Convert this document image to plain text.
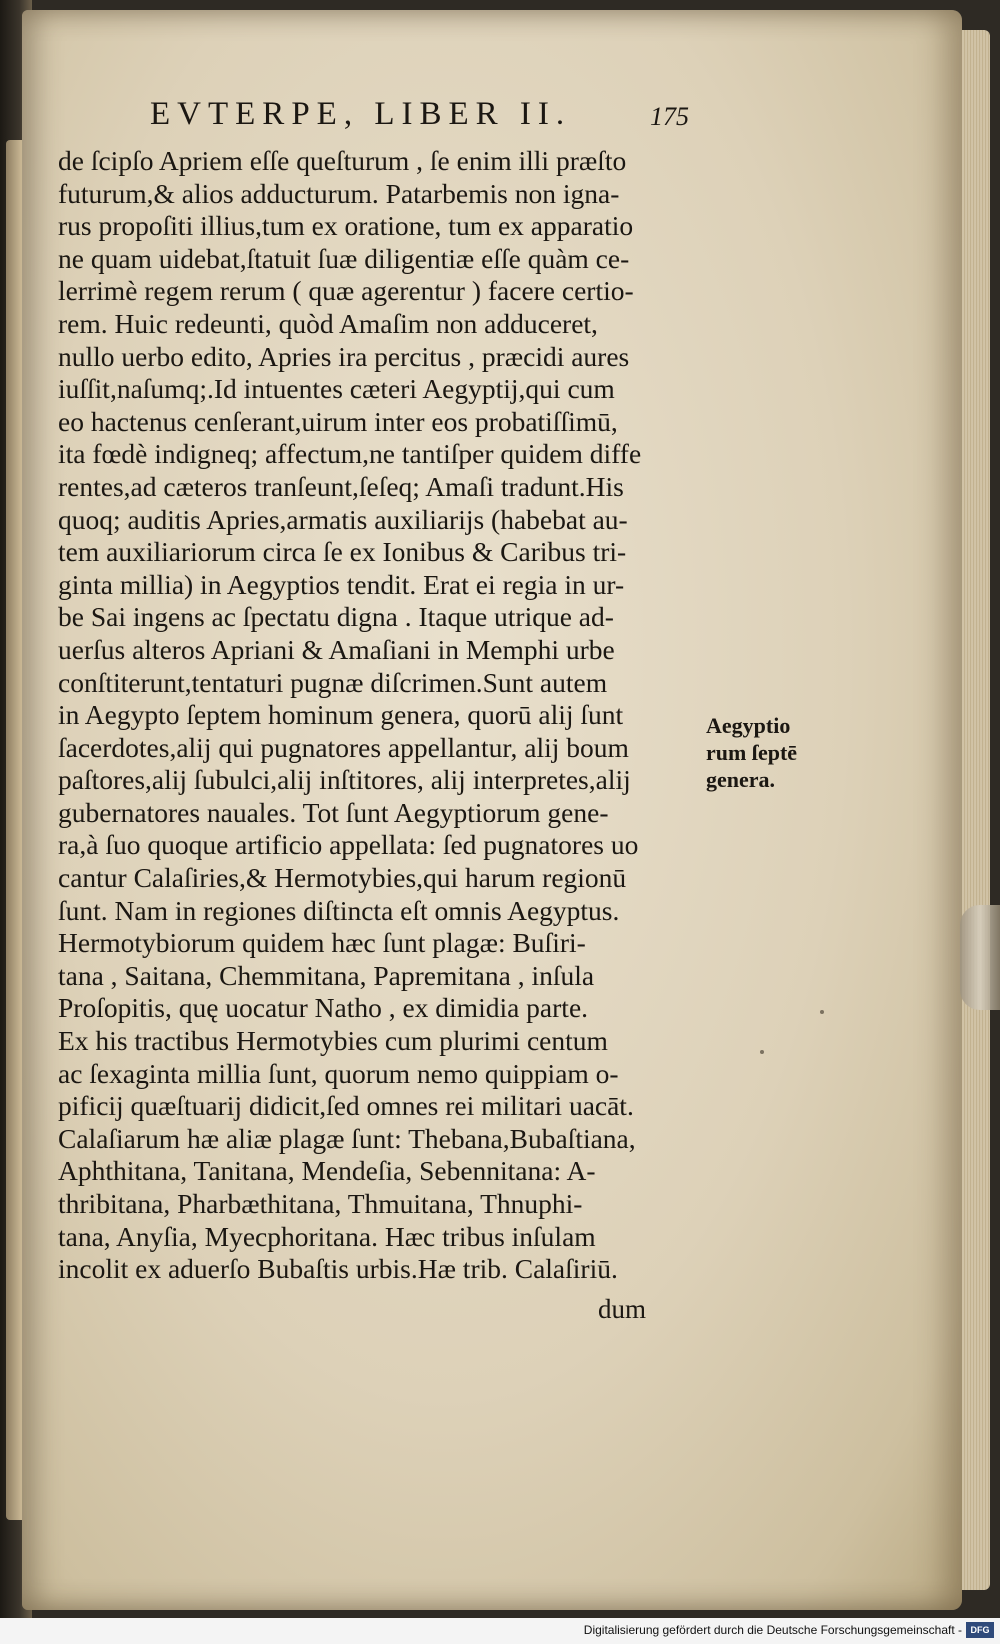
EVTERPE, LIBER II.	175
de ſcipſo Apriem eſſe queſturum , ſe enim illi præſto
futurum,& alios adducturum. Patarbemis non igna-
rus propoſiti illius,tum ex oratione, tum ex apparatio
ne quam uidebat,ſtatuit ſuæ diligentiæ eſſe quàm ce-
lerrimè regem rerum ( quæ agerentur ) facere certio-
rem. Huic redeunti, quòd Amaſim non adduceret,
nullo uerbo edito, Apries ira percitus , præcidi aures
iuſſit,naſumq;.Id intuentes cæteri Aegyptij,qui cum
eo hactenus cenſerant,uirum inter eos probatiſſimū,
ita fœdè indigneq; affectum,ne tantiſper quidem diffe
rentes,ad cæteros tranſeunt,ſeſeq; Amaſi tradunt.His
quoq; auditis Apries,armatis auxiliarijs (habebat au-
tem auxiliariorum circa ſe ex Ionibus & Caribus tri-
ginta millia) in Aegyptios tendit. Erat ei regia in ur-
be Sai ingens ac ſpectatu digna . Itaque utrique ad-
uerſus alteros Apriani & Amaſiani in Memphi urbe
conſtiterunt,tentaturi pugnæ diſcrimen.Sunt autem
in Aegypto ſeptem hominum genera, quorū alij ſunt
ſacerdotes,alij qui pugnatores appellantur, alij boum
paſtores,alij ſubulci,alij inſtitores, alij interpretes,alij
gubernatores nauales. Tot ſunt Aegyptiorum gene-
ra,à ſuo quoque artificio appellata: ſed pugnatores uo
cantur Calaſiries,& Hermotybies,qui harum regionū
ſunt. Nam in regiones diſtincta eſt omnis Aegyptus.
Hermotybiorum quidem hæc ſunt plagæ: Buſiri-
tana , Saitana, Chemmitana, Papremitana , inſula
Proſopitis, quę uocatur Natho , ex dimidia parte.
Ex his tractibus Hermotybies cum plurimi centum
ac ſexaginta millia ſunt, quorum nemo quippiam o-
pificij quæſtuarij didicit,ſed omnes rei militari uacāt.
Calaſiarum hæ aliæ plagæ ſunt: Thebana,Bubaſtiana,
Aphthitana, Tanitana, Mendeſia, Sebennitana: A-
thribitana, Pharbæthitana, Thmuitana, Thnuphi-
tana, Anyſia, Myecphoritana. Hæc tribus inſulam
incolit ex aduerſo Bubaſtis urbis.Hæ trib. Calaſiriū.
dum
Aegyptio
rum ſeptē
genera.
Digitalisierung gefördert durch die Deutsche Forschungsgemeinschaft - DFG
